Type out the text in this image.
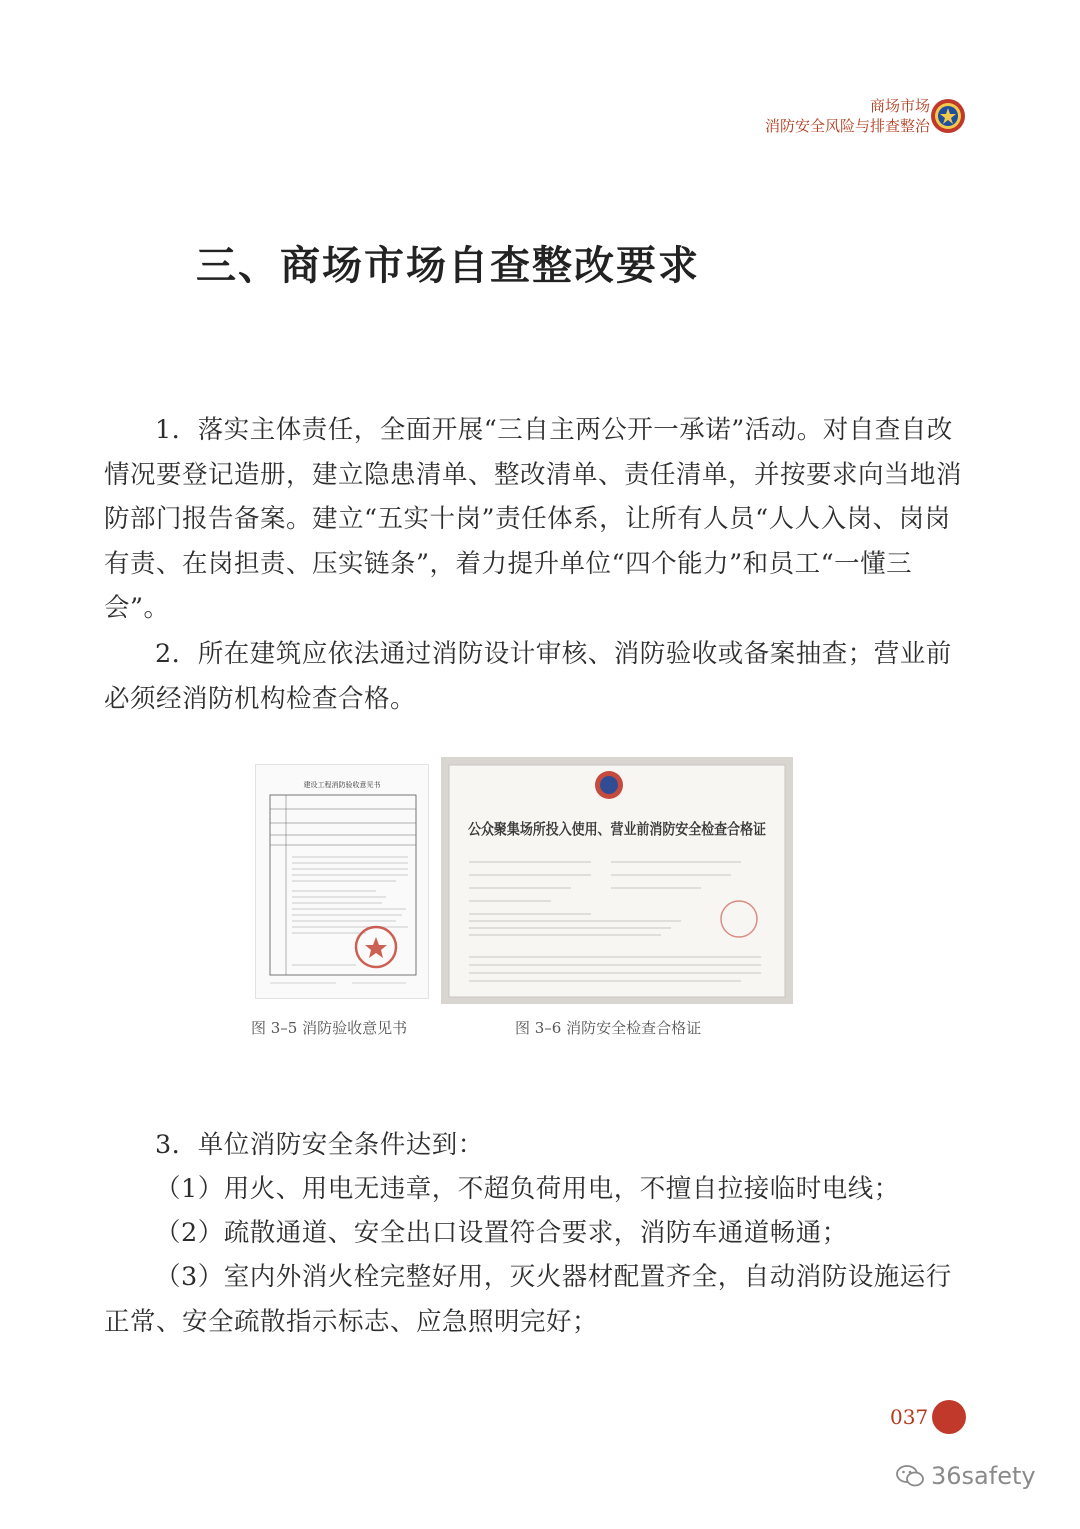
商场市场
消防安全风险与排查整治
三、商场市场自查整改要求

1．落实主体责任，全面开展“三自主两公开一承诺”活动。对自查自改情况要登记造册，建立隐患清单、整改清单、责任清单，并按要求向当地消防部门报告备案。建立“五实十岗”责任体系，让所有人员“人人入岗、岗岗有责、在岗担责、压实链条”，着力提升单位“四个能力”和员工“一懂三会”。

2．所在建筑应依法通过消防设计审核、消防验收或备案抽查；营业前必须经消防机构检查合格。

建设工程消防验收意见书
公众聚集场所投入使用、营业前消防安全检查合格证
图 3–5 消防验收意见书	图 3–6 消防安全检查合格证

3．单位消防安全条件达到：

（1）用火、用电无违章，不超负荷用电，不擅自拉接临时电线；

（2）疏散通道、安全出口设置符合要求，消防车通道畅通；

（3）室内外消火栓完整好用，灭火器材配置齐全，自动消防设施运行正常、安全疏散指示标志、应急照明完好；

037
36safety
